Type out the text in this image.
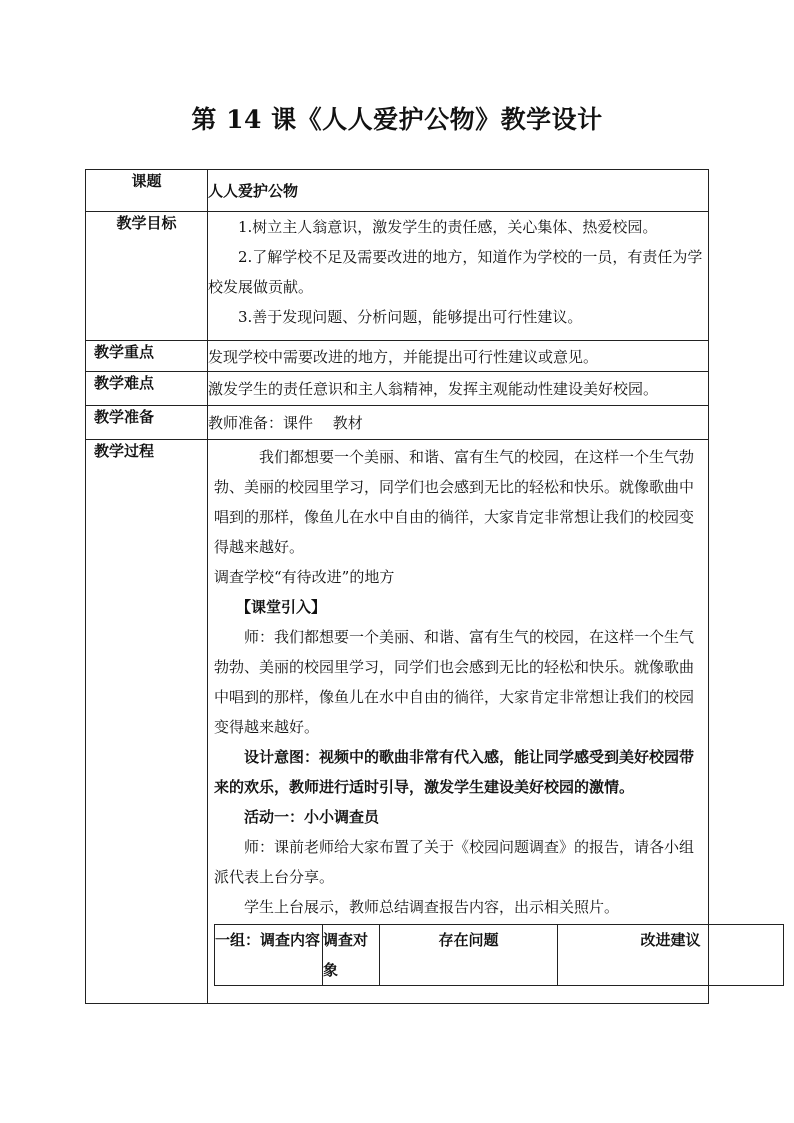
第 14 课《人人爱护公物》教学设计
课题	人人爱护公物
教学目标	1.树立主人翁意识，激发学生的责任感，关心集体、热爱校园。

2.了解学校不足及需要改进的地方，知道作为学校的一员，有责任为学校发展做贡献。

3.善于发现问题、分析问题，能够提出可行性建议。

教学重点	发现学校中需要改进的地方，并能提出可行性建议或意见。
教学难点	激发学生的责任意识和主人翁精神，发挥主观能动性建设美好校园。
教学准备	教师准备：课件　 教材
教学过程	我们都想要一个美丽、和谐、富有生气的校园，在这样一个生气勃勃、美丽的校园里学习，同学们也会感到无比的轻松和快乐。就像歌曲中唱到的那样，像鱼儿在水中自由的徜徉，大家肯定非常想让我们的校园变得越来越好。

调查学校“有待改进”的地方

【课堂引入】

师：我们都想要一个美丽、和谐、富有生气的校园，在这样一个生气勃勃、美丽的校园里学习，同学们也会感到无比的轻松和快乐。就像歌曲中唱到的那样，像鱼儿在水中自由的徜徉，大家肯定非常想让我们的校园变得越来越好。

设计意图：视频中的歌曲非常有代入感，能让同学感受到美好校园带来的欢乐，教师进行适时引导，激发学生建设美好校园的激情。

活动一：小小调查员

师：课前老师给大家布置了关于《校园问题调查》的报告，请各小组派代表上台分享。

学生上台展示，教师总结调查报告内容，出示相关照片。

一组：调查内容	调查对象	存在问题	改进建议
